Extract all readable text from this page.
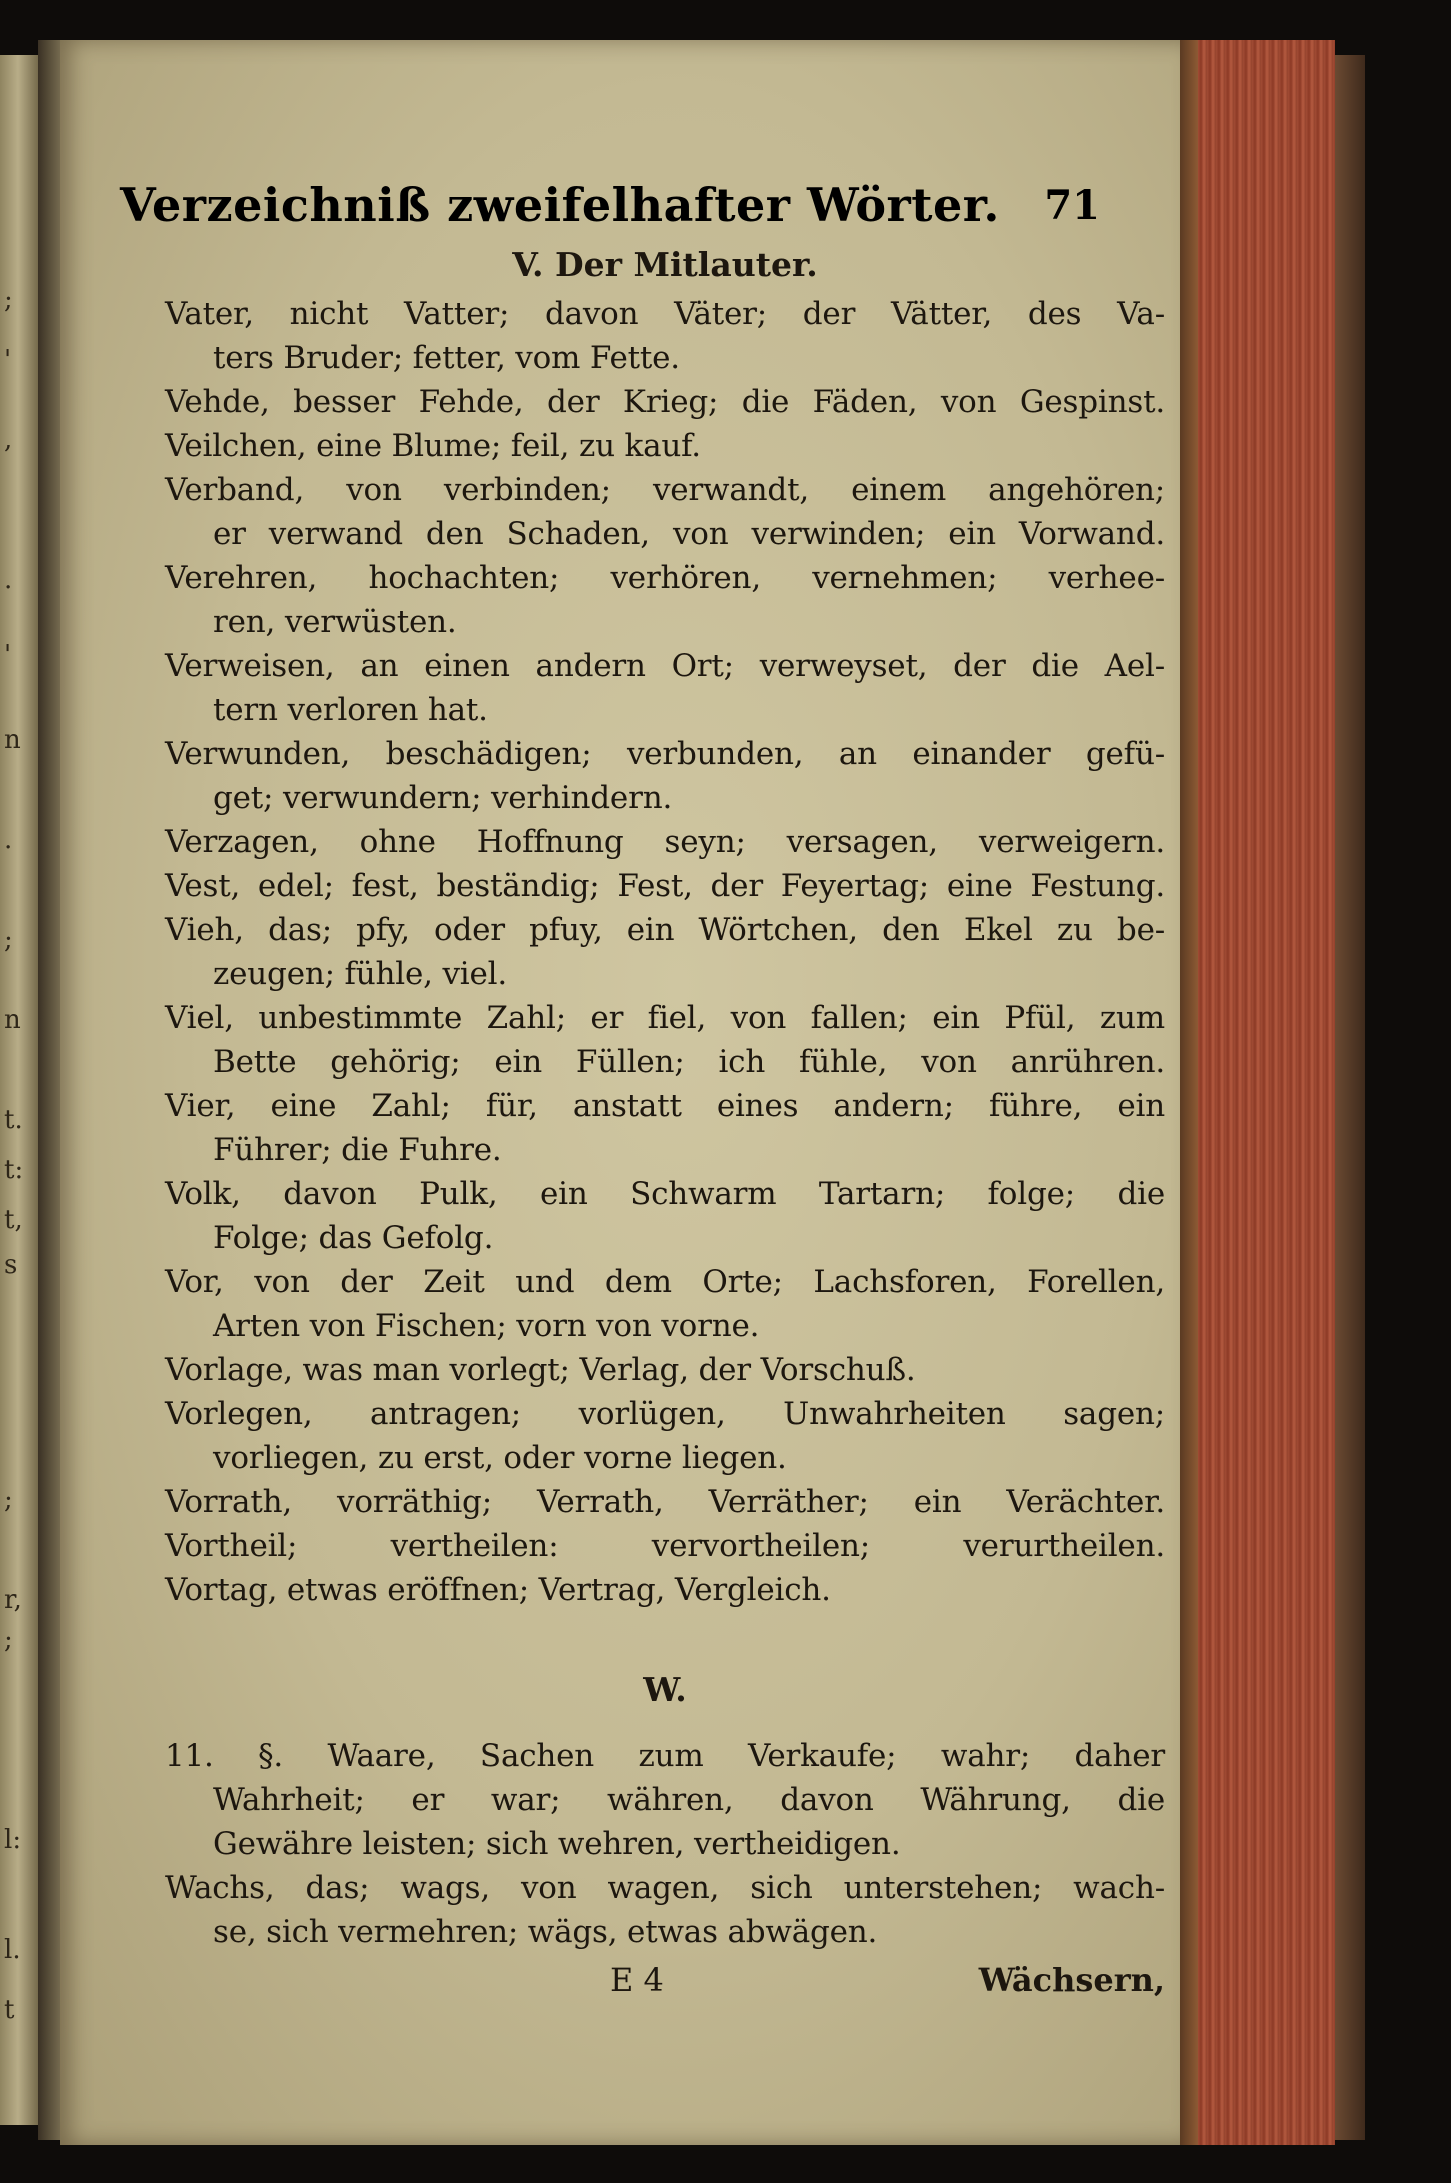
;
'
,
.
'
n
.
;
n
t.
t:
t,
s
;
r,
;
l:
l.
t
Verzeichniß zweifelhafter Wörter. 71
V. Der Mitlauter.
Vater, nicht Vatter; davon Väter; der Vätter, des Va-
ters Bruder; fetter, vom Fette.
Vehde, besser Fehde, der Krieg; die Fäden, von Gespinst.
Veilchen, eine Blume; feil, zu kauf.
Verband, von verbinden; verwandt, einem angehören;
er verwand den Schaden, von verwinden; ein Vorwand.
Verehren, hochachten; verhören, vernehmen; verhee-
ren, verwüsten.
Verweisen, an einen andern Ort; verweyset, der die Ael-
tern verloren hat.
Verwunden, beschädigen; verbunden, an einander gefü-
get; verwundern; verhindern.
Verzagen, ohne Hoffnung seyn; versagen, verweigern.
Vest, edel; fest, beständig; Fest, der Feyertag; eine Festung.
Vieh, das; pfy, oder pfuy, ein Wörtchen, den Ekel zu be-
zeugen; fühle, viel.
Viel, unbestimmte Zahl; er fiel, von fallen; ein Pfül, zum
Bette gehörig; ein Füllen; ich fühle, von anrühren.
Vier, eine Zahl; für, anstatt eines andern; führe, ein
Führer; die Fuhre.
Volk, davon Pulk, ein Schwarm Tartarn; folge; die
Folge; das Gefolg.
Vor, von der Zeit und dem Orte; Lachsforen, Forellen,
Arten von Fischen; vorn von vorne.
Vorlage, was man vorlegt; Verlag, der Vorschuß.
Vorlegen, antragen; vorlügen, Unwahrheiten sagen;
vorliegen, zu erst, oder vorne liegen.
Vorrath, vorräthig; Verrath, Verräther; ein Verächter.
Vortheil; vertheilen: vervortheilen; verurtheilen.
Vortag, etwas eröffnen; Vertrag, Vergleich.
W.
11. §. Waare, Sachen zum Verkaufe; wahr; daher
Wahrheit; er war; währen, davon Währung, die
Gewähre leisten; sich wehren, vertheidigen.
Wachs, das; wags, von wagen, sich unterstehen; wach-
se, sich vermehren; wägs, etwas abwägen.
E 4	Wächsern,
